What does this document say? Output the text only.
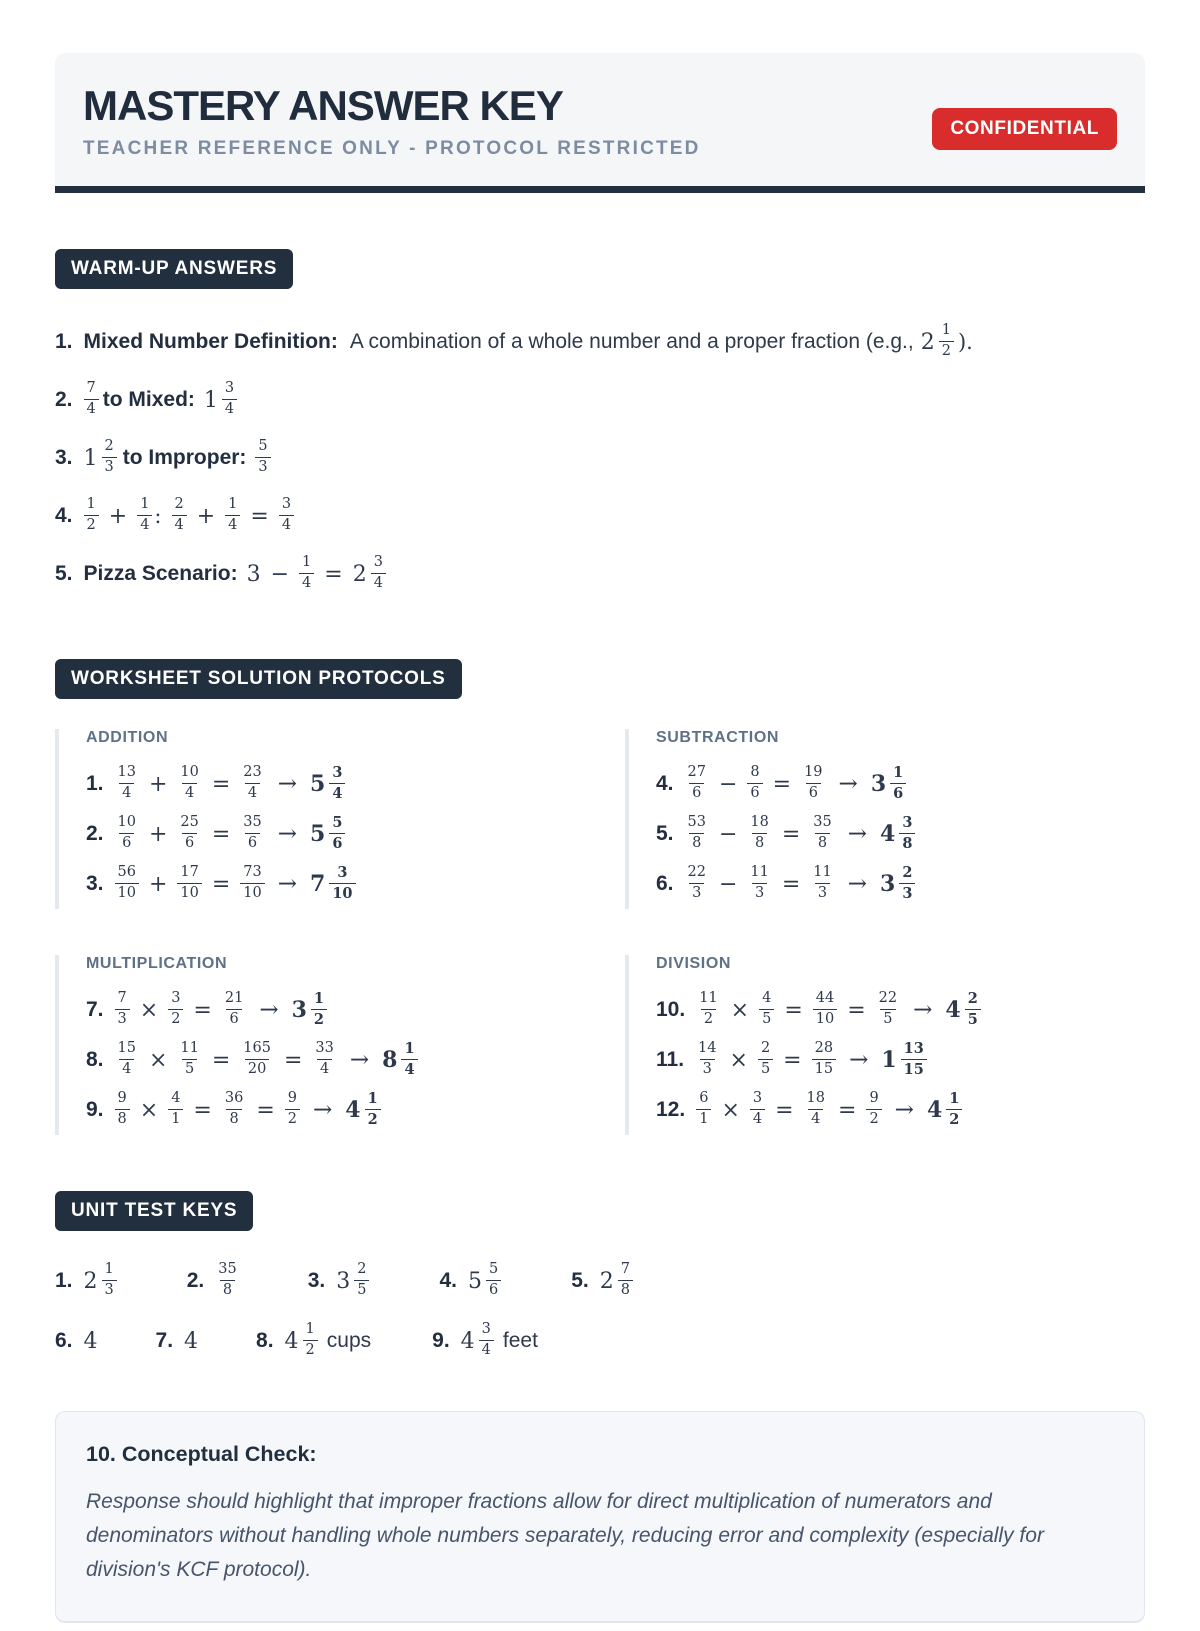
MASTERY ANSWER KEY
TEACHER REFERENCE ONLY - PROTOCOL RESTRICTED
CONFIDENTIAL
WARM-UP ANSWERS
1. Mixed Number Definition: A combination of a whole number and a proper fraction (e.g., $2 \frac{1}{2}$ ).
2. $\frac{7}{4}$ to Mixed: $1 \frac{3}{4}$
3. $1 \frac{2}{3}$ to Improper: $\frac{5}{3}$
4. $\frac{1}{2} + \frac{1}{4}$ : $\frac{2}{4} + \frac{1}{4} = \frac{3}{4}$
5. Pizza Scenario: $3 - \frac{1}{4} = 2 \frac{3}{4}$
WORKSHEET SOLUTION PROTOCOLS
ADDITION
1. $\frac{13}{4} + \frac{10}{4} = \frac{23}{4} \to 5 \frac{3}{4}$
2. $\frac{10}{6} + \frac{25}{6} = \frac{35}{6} \to 5 \frac{5}{6}$
3. $\frac{56}{10} + \frac{17}{10} = \frac{73}{10} \to 7 \frac{3}{10}$
SUBTRACTION
4. $\frac{27}{6} - \frac{8}{6} = \frac{19}{6} \to 3 \frac{1}{6}$
5. $\frac{53}{8} - \frac{18}{8} = \frac{35}{8} \to 4 \frac{3}{8}$
6. $\frac{22}{3} - \frac{11}{3} = \frac{11}{3} \to 3 \frac{2}{3}$
MULTIPLICATION
7. $\frac{7}{3} \times \frac{3}{2} = \frac{21}{6} \to 3 \frac{1}{2}$
8. $\frac{15}{4} \times \frac{11}{5} = \frac{165}{20} = \frac{33}{4} \to 8 \frac{1}{4}$
9. $\frac{9}{8} \times \frac{4}{1} = \frac{36}{8} = \frac{9}{2} \to 4 \frac{1}{2}$
DIVISION
10. $\frac{11}{2} \times \frac{4}{5} = \frac{44}{10} = \frac{22}{5} \to 4 \frac{2}{5}$
11. $\frac{14}{3} \times \frac{2}{5} = \frac{28}{15} \to 1 \frac{13}{15}$
12. $\frac{6}{1} \times \frac{3}{4} = \frac{18}{4} = \frac{9}{2} \to 4 \frac{1}{2}$
UNIT TEST KEYS
1. $2 \frac{1}{3}$	2. $\frac{35}{8}$	3. $3 \frac{2}{5}$	4. $5 \frac{5}{6}$	5. $2 \frac{7}{8}$
6. 4	7. 4	8. $4 \frac{1}{2}$ cups	9. $4 \frac{3}{4}$ feet
10. Conceptual Check:

Response should highlight that improper fractions allow for direct multiplication of numerators and denominators without handling whole numbers separately, reducing error and complexity (especially for division's KCF protocol).
